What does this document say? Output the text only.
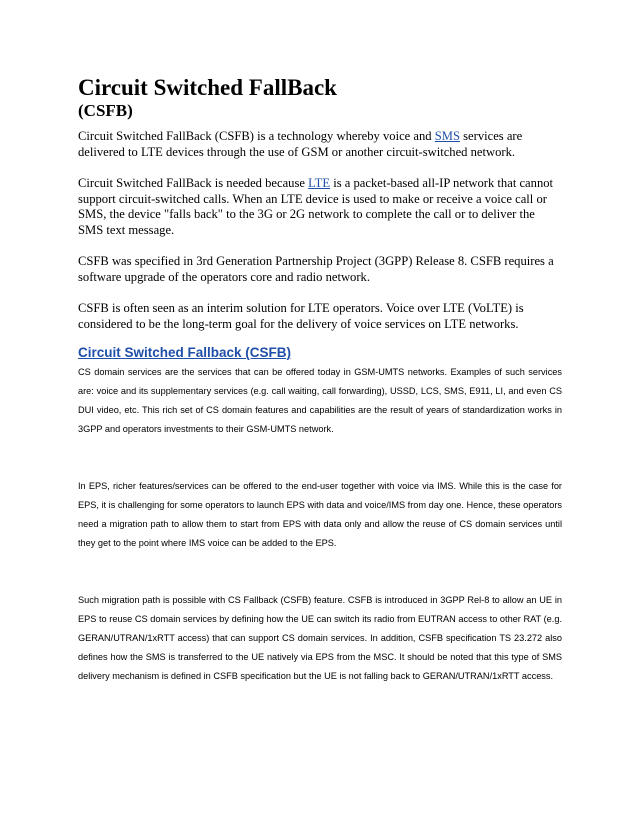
Circuit Switched FallBack
(CSFB)

Circuit Switched FallBack (CSFB) is a technology whereby voice and SMS services are delivered to LTE devices through the use of GSM or another circuit-switched network.

Circuit Switched FallBack is needed because LTE is a packet-based all-IP network that cannot support circuit-switched calls. When an LTE device is used to make or receive a voice call or SMS, the device "falls back" to the 3G or 2G network to complete the call or to deliver the SMS text message.

CSFB was specified in 3rd Generation Partnership Project (3GPP) Release 8. CSFB requires a software upgrade of the operators core and radio network.

CSFB is often seen as an interim solution for LTE operators. Voice over LTE (VoLTE) is considered to be the long-term goal for the delivery of voice services on LTE networks.

Circuit Switched Fallback (CSFB)

CS domain services are the services that can be offered today in GSM-UMTS networks. Examples of such services are: voice and its supplementary services (e.g. call waiting, call forwarding), USSD, LCS, SMS, E911, LI, and even CS DUI video, etc. This rich set of CS domain features and capabilities are the result of years of standardization works in 3GPP and operators investments to their GSM-UMTS network.

In EPS, richer features/services can be offered to the end-user together with voice via IMS. While this is the case for EPS, it is challenging for some operators to launch EPS with data and voice/IMS from day one. Hence, these operators need a migration path to allow them to start from EPS with data only and allow the reuse of CS domain services until they get to the point where IMS voice can be added to the EPS.

Such migration path is possible with CS Fallback (CSFB) feature. CSFB is introduced in 3GPP Rel-8 to allow an UE in EPS to reuse CS domain services by defining how the UE can switch its radio from EUTRAN access to other RAT (e.g. GERAN/UTRAN/1xRTT access) that can support CS domain services. In addition, CSFB specification TS 23.272 also defines how the SMS is transferred to the UE natively via EPS from the MSC. It should be noted that this type of SMS delivery mechanism is defined in CSFB specification but the UE is not falling back to GERAN/UTRAN/1xRTT access.
